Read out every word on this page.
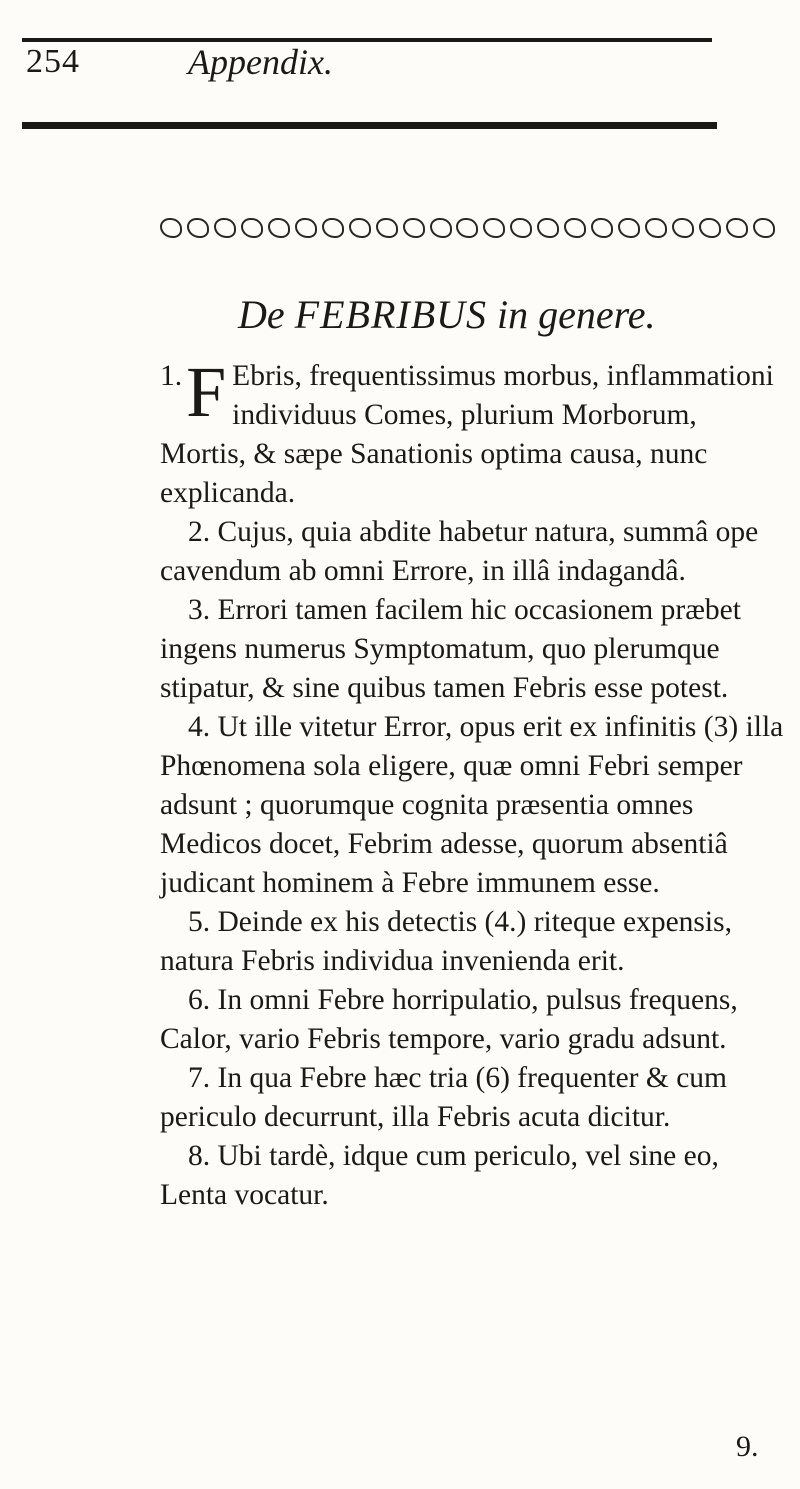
254	Appendix.
De FEBRIBUS in genere.

1. F Ebris, frequentissimus morbus, inflammationi individuus Comes, plurium Morborum, Mortis, & sæpe Sanationis optima causa, nunc explicanda.

2. Cujus, quia abdite habetur natura, summâ ope cavendum ab omni Errore, in illâ indagandâ.

3. Errori tamen facilem hic occasionem præbet ingens numerus Symptomatum, quo plerumque stipatur, & sine quibus tamen Febris esse potest.

4. Ut ille vitetur Error, opus erit ex infinitis (3) illa Phœnomena sola eligere, quæ omni Febri semper adsunt ; quorumque cognita præsentia omnes Medicos docet, Febrim adesse, quorum absentiâ judicant hominem à Febre immunem esse.

5. Deinde ex his detectis (4.) riteque expensis, natura Febris individua invenienda erit.

6. In omni Febre horripulatio, pulsus frequens, Calor, vario Febris tempore, vario gradu adsunt.

7. In qua Febre hæc tria (6) frequenter & cum periculo decurrunt, illa Febris acuta dicitur.

8. Ubi tardè, idque cum periculo, vel sine eo, Lenta vocatur.

9.
